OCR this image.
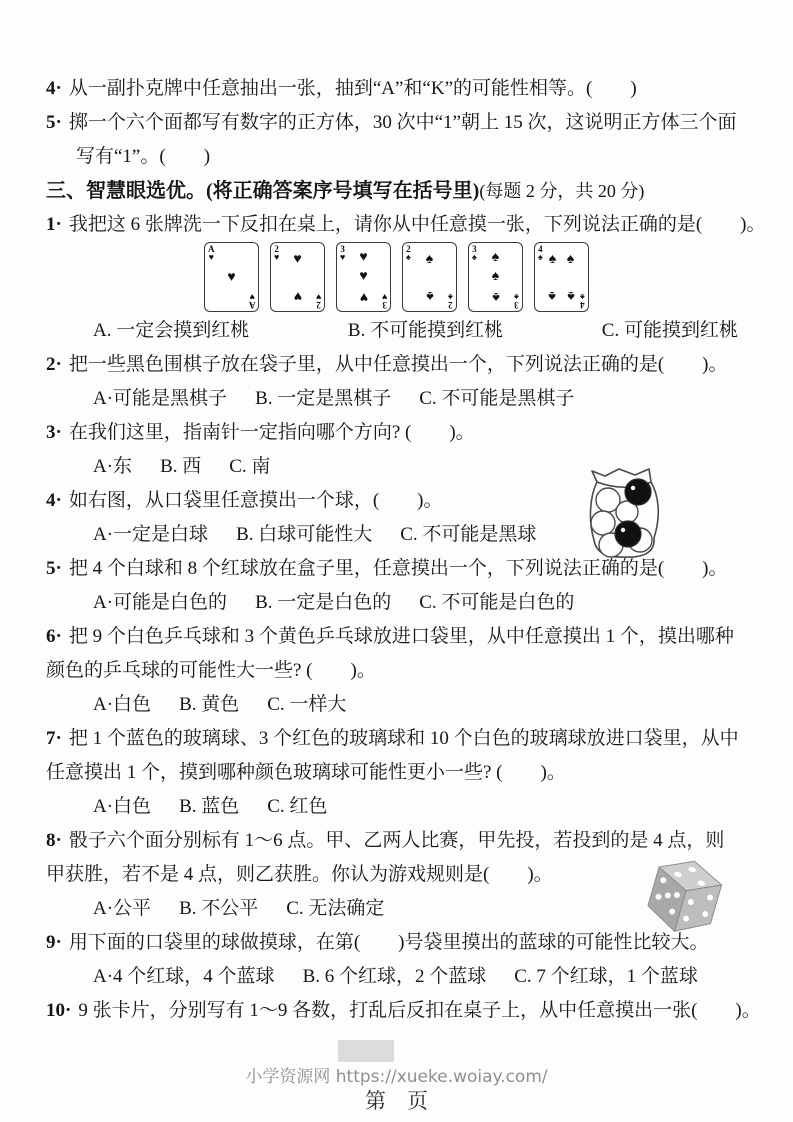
4· 从一副扑克牌中任意抽出一张，抽到“A”和“K”的可能性相等。(　　)
5· 掷一个六个面都写有数字的正方体，30 次中“1”朝上 15 次，这说明正方体三个面
写有“1”。(　　)
三、智慧眼选优。(将正确答案序号填写在括号里)(每题 2 分，共 20 分)
1· 我把这 6 张牌洗一下反扣在桌上，请你从中任意摸一张，下列说法正确的是(　　)。
A
♥
A
♥
♥
2
♥
2
♥
♥
♥
3
♥
3
♥
♥
♥
♥
2
♠
2
♠
♠
♠
3
♠
3
♠
♠
♠
♠
4
♠
4
♠
♠ ♠
♠ ♠
A. 一定会摸到红桃	B. 不可能摸到红桃	C. 可能摸到红桃
2· 把一些黑色围棋子放在袋子里，从中任意摸出一个，下列说法正确的是(　　)。
A·可能是黑棋子 B. 一定是黑棋子 C. 不可能是黑棋子
3· 在我们这里，指南针一定指向哪个方向? (　　)。
A·东 B. 西 C. 南
4· 如右图，从口袋里任意摸出一个球，(　　)。
A·一定是白球 B. 白球可能性大 C. 不可能是黑球
5· 把 4 个白球和 8 个红球放在盒子里，任意摸出一个，下列说法正确的是(　　)。
A·可能是白色的 B. 一定是白色的 C. 不可能是白色的
6· 把 9 个白色乒乓球和 3 个黄色乒乓球放进口袋里，从中任意摸出 1 个，摸出哪种
颜色的乒乓球的可能性大一些? (　　)。
A·白色 B. 黄色 C. 一样大
7· 把 1 个蓝色的玻璃球、3 个红色的玻璃球和 10 个白色的玻璃球放进口袋里，从中
任意摸出 1 个，摸到哪种颜色玻璃球可能性更小一些? (　　)。
A·白色 B. 蓝色 C. 红色
8· 骰子六个面分别标有 1～6 点。甲、乙两人比赛，甲先投，若投到的是 4 点，则
甲获胜，若不是 4 点，则乙获胜。你认为游戏规则是(　　)。
A·公平 B. 不公平 C. 无法确定
9· 用下面的口袋里的球做摸球，在第(　　)号袋里摸出的蓝球的可能性比较大。
A·4 个红球，4 个蓝球 B. 6 个红球，2 个蓝球 C. 7 个红球，1 个蓝球
10· 9 张卡片，分别写有 1～9 各数，打乱后反扣在桌子上，从中任意摸出一张(　　)。
小学资源网 https://xueke.woiay.com/
第　页
